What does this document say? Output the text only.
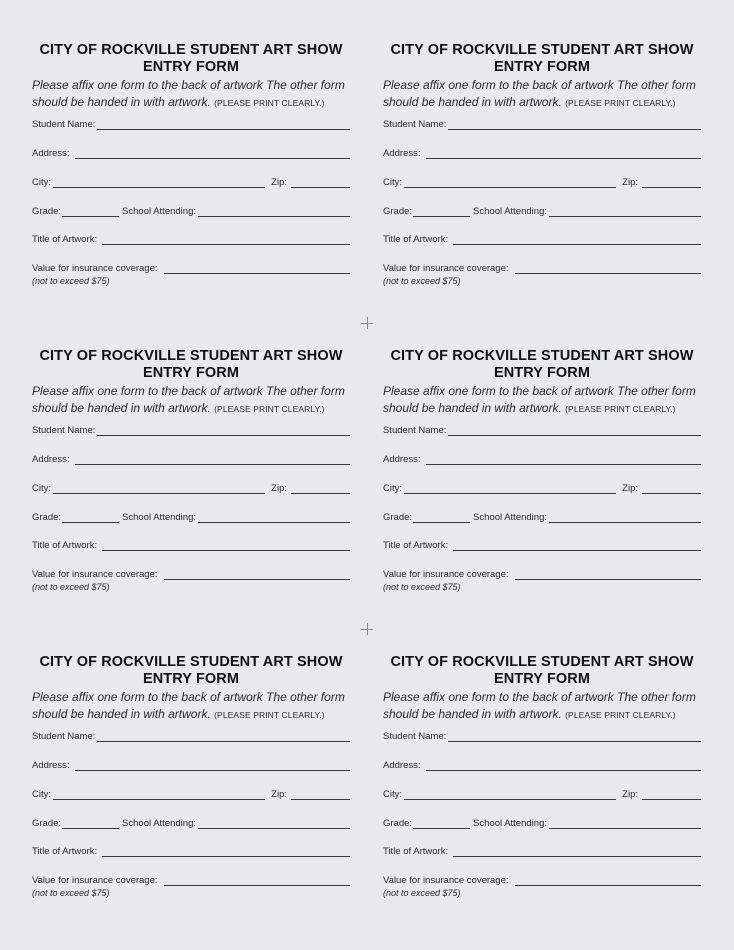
CITY OF ROCKVILLE STUDENT ART SHOW
ENTRY FORM
Please affix one form to the back of artwork The other form
should be handed in with artwork. (PLEASE PRINT CLEARLY.)
Student Name:
Address:
City:	Zip:
Grade:	School Attending:
Title of Artwork:
Value for insurance coverage:
(not to exceed $75)
CITY OF ROCKVILLE STUDENT ART SHOW
ENTRY FORM
Please affix one form to the back of artwork The other form
should be handed in with artwork. (PLEASE PRINT CLEARLY.)
Student Name:
Address:
City:	Zip:
Grade:	School Attending:
Title of Artwork:
Value for insurance coverage:
(not to exceed $75)
CITY OF ROCKVILLE STUDENT ART SHOW
ENTRY FORM
Please affix one form to the back of artwork The other form
should be handed in with artwork. (PLEASE PRINT CLEARLY.)
Student Name:
Address:
City:	Zip:
Grade:	School Attending:
Title of Artwork:
Value for insurance coverage:
(not to exceed $75)
CITY OF ROCKVILLE STUDENT ART SHOW
ENTRY FORM
Please affix one form to the back of artwork The other form
should be handed in with artwork. (PLEASE PRINT CLEARLY.)
Student Name:
Address:
City:	Zip:
Grade:	School Attending:
Title of Artwork:
Value for insurance coverage:
(not to exceed $75)
CITY OF ROCKVILLE STUDENT ART SHOW
ENTRY FORM
Please affix one form to the back of artwork The other form
should be handed in with artwork. (PLEASE PRINT CLEARLY.)
Student Name:
Address:
City:	Zip:
Grade:	School Attending:
Title of Artwork:
Value for insurance coverage:
(not to exceed $75)
CITY OF ROCKVILLE STUDENT ART SHOW
ENTRY FORM
Please affix one form to the back of artwork The other form
should be handed in with artwork. (PLEASE PRINT CLEARLY.)
Student Name:
Address:
City:	Zip:
Grade:	School Attending:
Title of Artwork:
Value for insurance coverage:
(not to exceed $75)
